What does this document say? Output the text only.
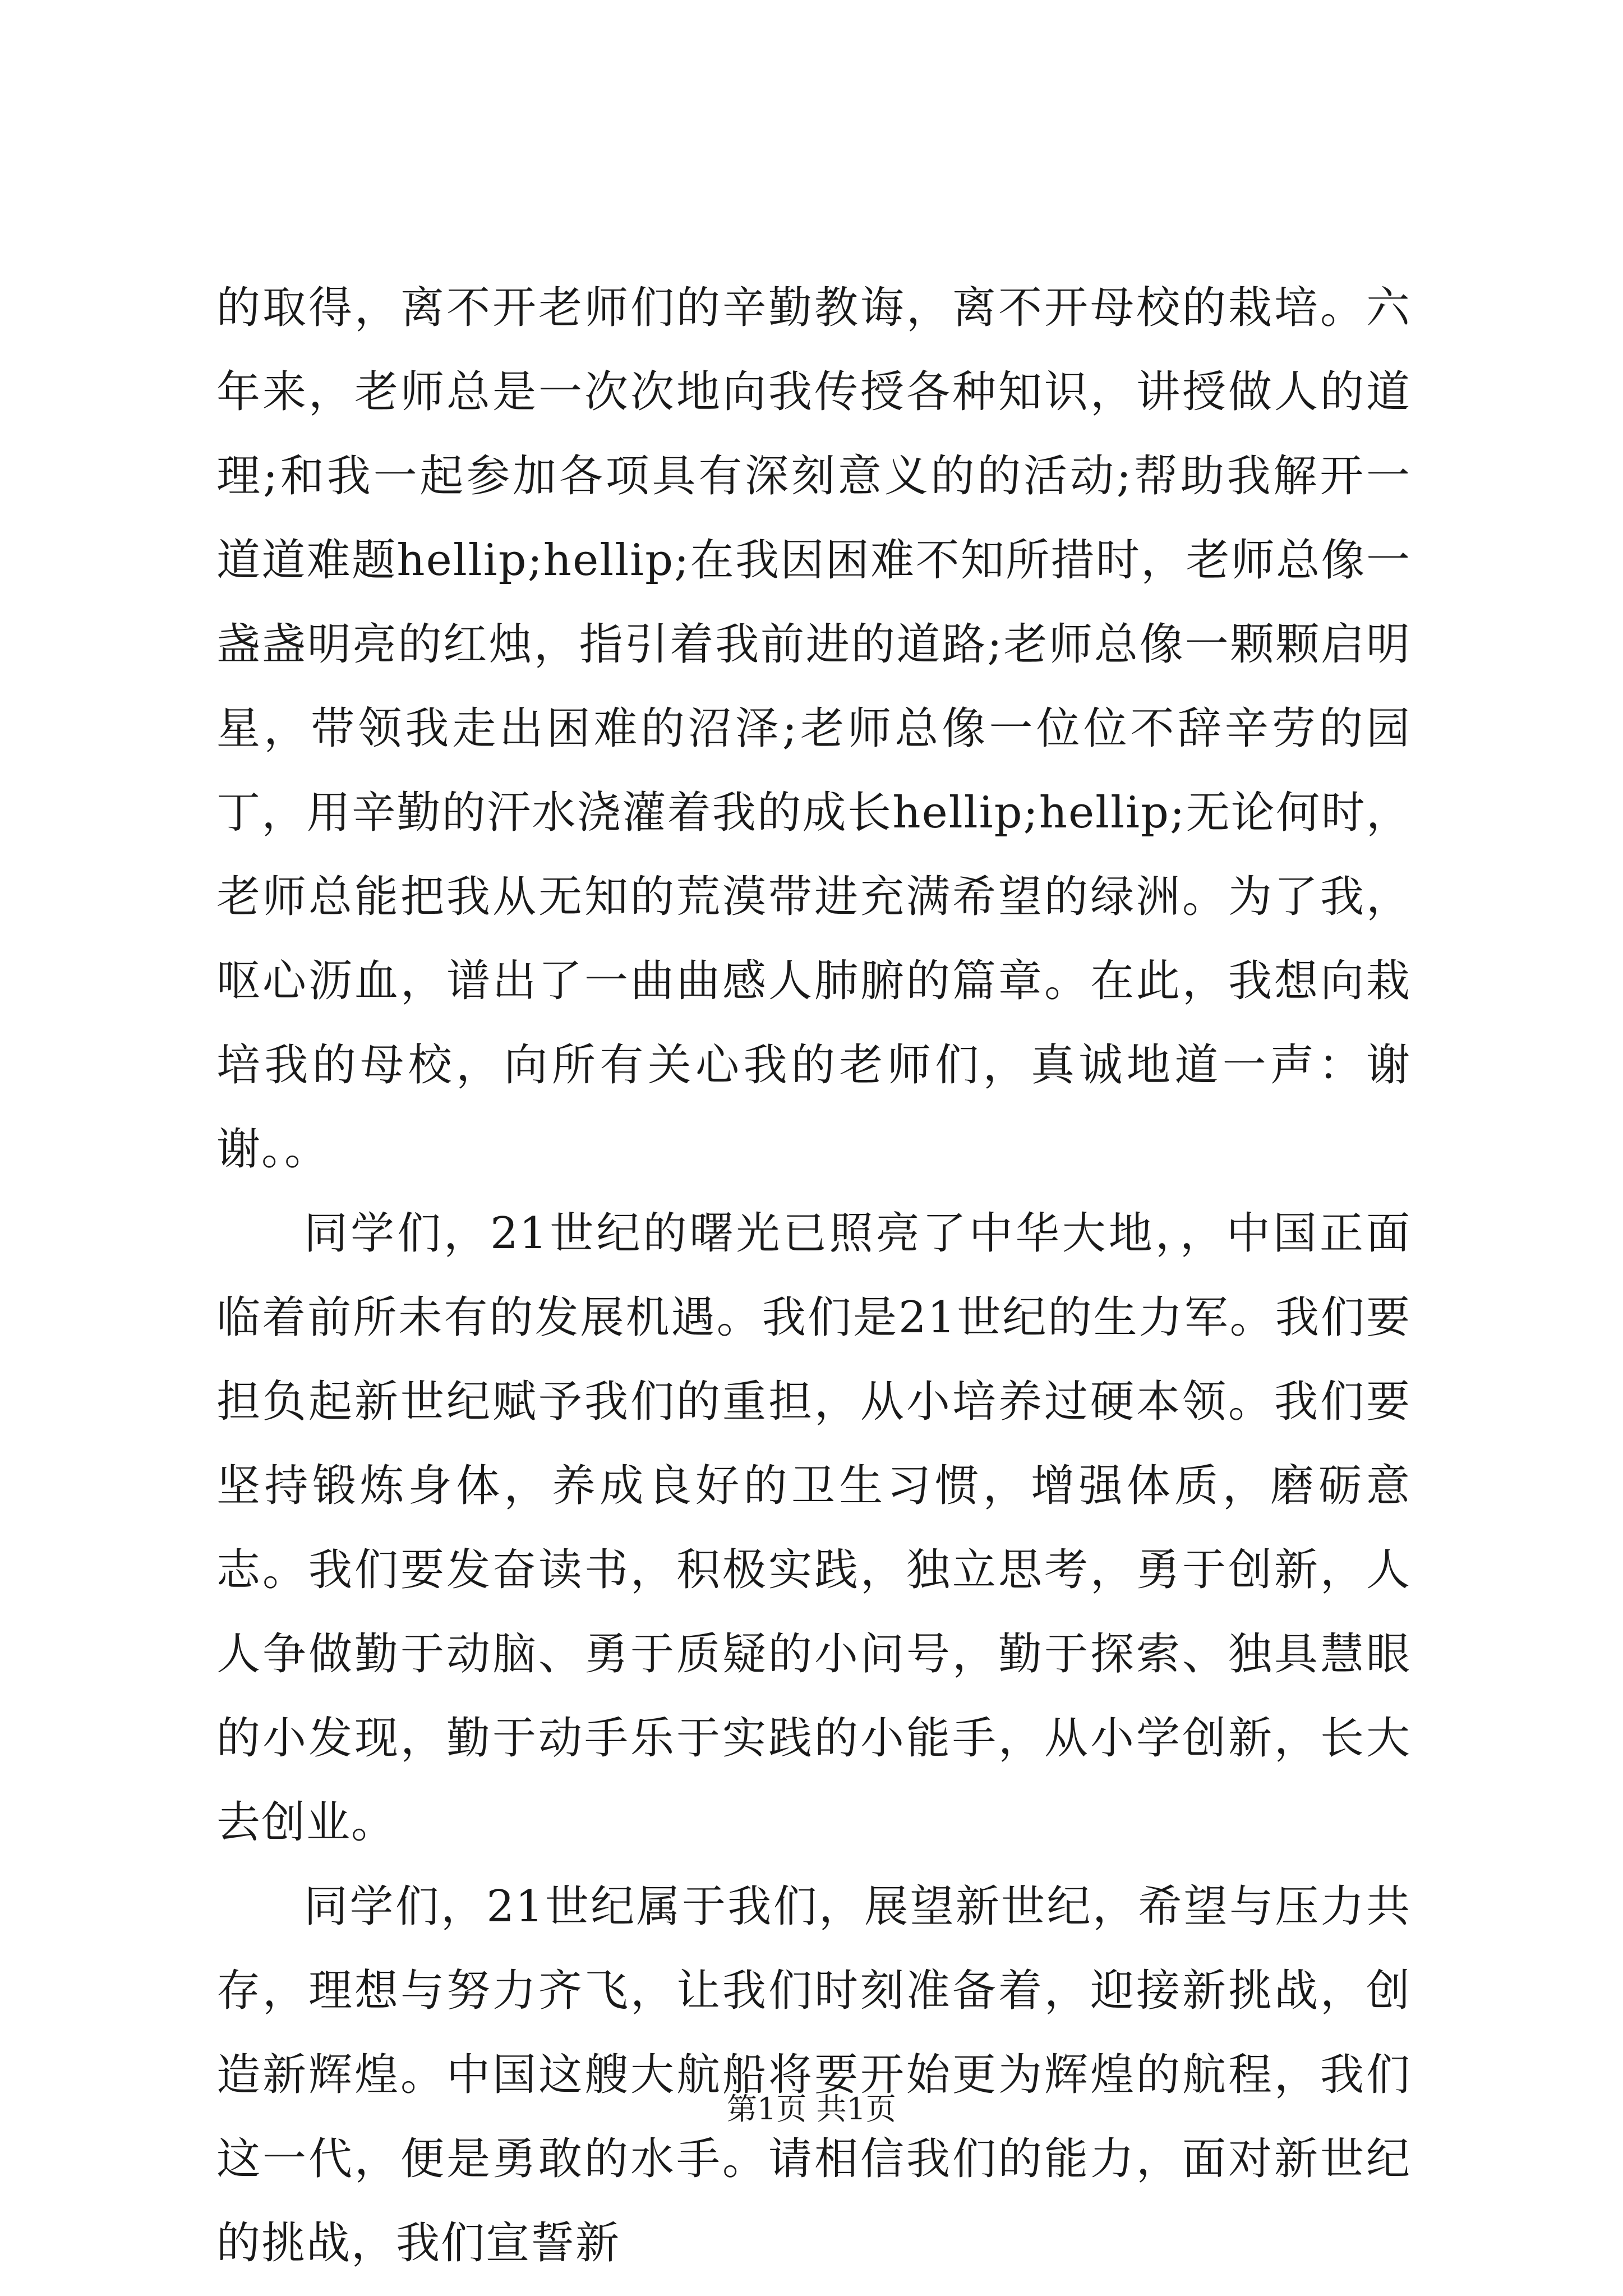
的取得，离不开老师们的辛勤教诲，离不开母校的栽培。六年来，老师总是一次次地向我传授各种知识，讲授做人的道理;和我一起参加各项具有深刻意义的的活动;帮助我解开一道道难题hellip;hellip;在我因困难不知所措时，老师总像一盏盏明亮的红烛，指引着我前进的道路;老师总像一颗颗启明星，带领我走出困难的沼泽;老师总像一位位不辞辛劳的园丁，用辛勤的汗水浇灌着我的成长hellip;hellip;无论何时，老师总能把我从无知的荒漠带进充满希望的绿洲。为了我，呕心沥血，谱出了一曲曲感人肺腑的篇章。在此，我想向栽培我的母校，向所有关心我的老师们，真诚地道一声：谢谢。。

同学们，21世纪的曙光已照亮了中华大地，，中国正面临着前所未有的发展机遇。我们是21世纪的生力军。我们要担负起新世纪赋予我们的重担，从小培养过硬本领。我们要坚持锻炼身体，养成良好的卫生习惯，增强体质，磨砺意志。我们要发奋读书，积极实践，独立思考，勇于创新，人人争做勤于动脑、勇于质疑的小问号，勤于探索、独具慧眼的小发现，勤于动手乐于实践的小能手，从小学创新，长大去创业。

同学们，21世纪属于我们，展望新世纪，希望与压力共存，理想与努力齐飞，让我们时刻准备着，迎接新挑战，创造新辉煌。中国这艘大航船将要开始更为辉煌的航程，我们这一代，便是勇敢的水手。请相信我们的能力，面对新世纪的挑战，我们宣誓新

第1页 共1页
